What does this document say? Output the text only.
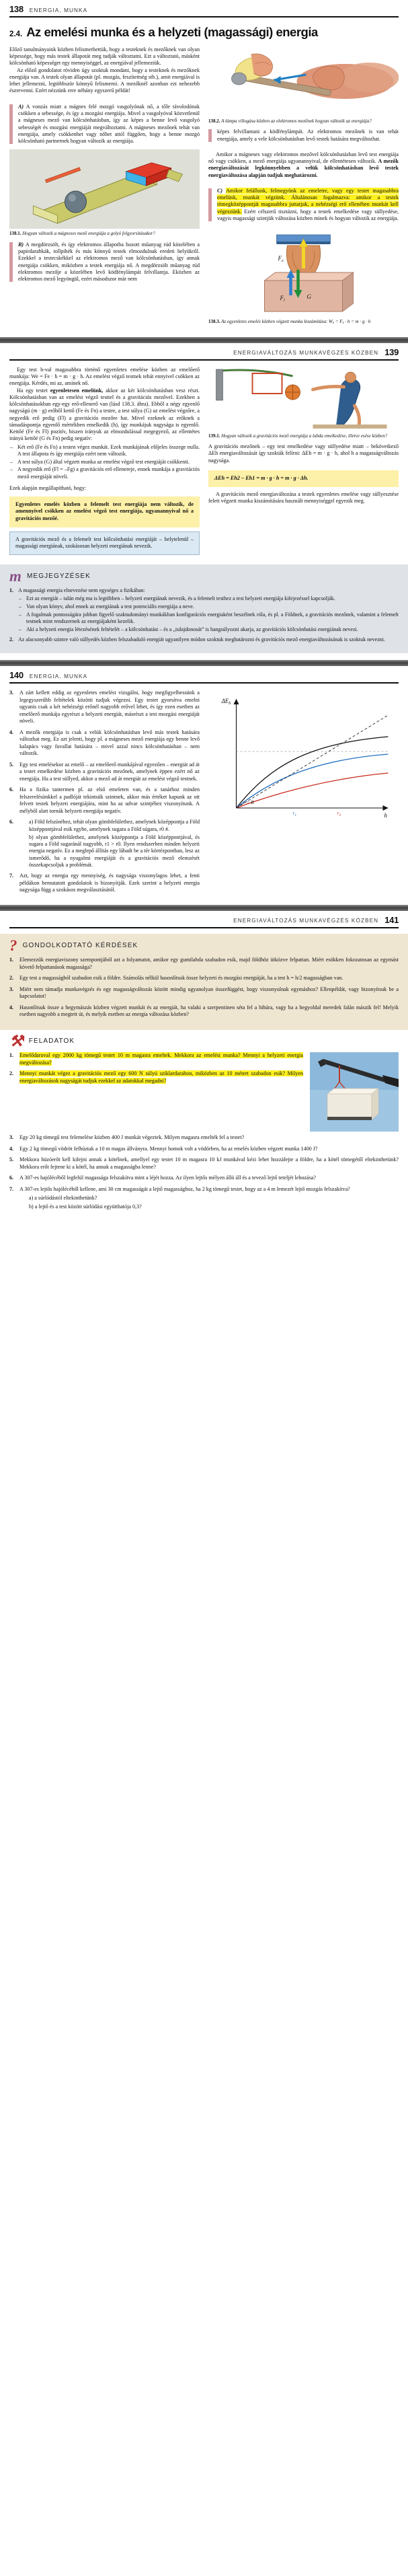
138 ENERGIA, MUNKA
2.4. Az emelési munka és a helyzeti (magassági) energia

Előző tanulmányaink közben felismerhettük, hogy a testeknek és mezőknek van olyan képessége, hogy más testek állapotát meg tudják változtatni. Ezt a változtató, másként kölcsönható képességet egy mennyiséggel, az energiával jellemeztük.

Az előző gondolatot röviden úgy szoktuk mondani, hogy a testeknek és mezőknek energiája van. A testek olyan állapotát (pl. mozgás, feszítettség stb.), amit energiával is lehet jellemezni, legtöbbször könnyű felismerni. A mezőknél azonban ezt nehezebb észrevenni. Ezért nézzünk erre néhány egyszerű példát!

A) A vonzás miatt a mágnes felé mozgó vasgolyónak nő, a tőle távolodónak csökken a sebessége, és így a mozgási energiája. Mivel a vasgolyóval közvetlenül a mágneses mező van kölcsönhatásban, így az képes a benne levő vasgolyó sebességét és mozgási energiáját megváltoztatni. A mágneses mezőnek tehát van energiája, amely csökkenhet vagy nőhet attól függően, hogy a benne mozgó kölcsönható partnernek hogyan változik az energiája.

138.1. Hogyan változik a mágneses mező energiája a golyó felgyorsításakor?

B) A megdörzsölt, és így elektromos állapotba hozott műanyag rúd közelében a papírdarabkák, tollpihék és más könnyű testek elmozdulnak eredeti helyükről. Ezekkel a testecskékkel az elektromos mező van kölcsönhatásban, így annak energiája csökken, miközben a testek energiája nő. A megdörzsölt műanyag rúd elektromos mezője a közelében levő ködfénylámpát felvillantja. Eközben az elektromos mező legyöngül, ezért másodszor már nem

138.2. A lámpa villogása közben az elektromos mezőnek hogyan változik az energiája?

képes felvillantani a ködfénylámpát. Az elektromos mezőnek is van tehát energiája, amely a vele kölcsönhatásban levő testek hatására megváltozhat.

Amikor a mágneses vagy elektromos mezővel kölcsönhatásban levő test energiája nő vagy csökken, a mező energiája ugyanannyival, de ellentétesen változik. A mezők energiaváltozását legkönnyebben a velük kölcsönhatásban levő testek energiaváltozása alapján tudjuk meghatározni.

C) Amikor felállunk, felmegyünk az emeletre, vagy egy testet magasabbra emelünk, munkát végzünk. Általánosan fogalmazva: amikor a testek tömegközéppontját magasabbra juttatjuk, a nehézségi erő ellenében munkát kell végezzünk. Ezért célszerű tisztázni, hogy a testek emelkedése vagy süllyedése, vagyis magassági szintjük változása közben minek és hogyan változik az energiája.

$F_e$
$F_l$
G
138.3. Az egyenletes emelés közben végzett munka kiszámítása: $W_e = F_e \cdot h = m \cdot g \cdot h$
ENERGIAVÁLTOZÁS MUNKAVÉGZÉS KÖZBEN 139

Egy test h-val magasabbra történő egyenletes emelése közben az emelőerő munkája: We = Fe · h = m · g · h. Az emelést végző testnek tehát ennyivel csökken az energiája. Kérdés, mi az, aminek nő.

Ha egy testet egyenletesen emelünk, akkor az két kölcsönhatásban vesz részt. Kölcsönhatásban van az emelést végző testtel és a gravitációs mezővel. Ezekben a kölcsönhatásokban egy-egy erő-ellenerő van (lásd 138.3. ábra). Ebből a négy egyenlő nagyságú (m · g) erőből kettő (Fe és Fn) a testre, a test súlya (G) az emelést végzőre, a negyedik erő pedig (Fl) a gravitációs mezőre hat. Mivel ezeknek az erőknek a támadáspontja egyenlő mértékben emelkedik (h), így munkájuk nagysága is egyenlő. Kettőé (Fe és Fl) pozitív, hiszen irányuk az elmozdulással megegyező, az ellentétes irányú kettőé (G és Fn) pedig negatív:

– Két erő (Fe és Fn) a testen végez munkát. Ezek munkájának előjeles összege nulla. A test állapota és így energiája ezért nem változik.
– A test súlya (G) által végzett munka az emelést végző test energiáját csökkenti.
– A negyedik erő (Fl = –Fg) a gravitációs erő ellenereje, ennek munkája a gravitációs mező energiáját növeli.

Ezek alapján megállapítható, hogy:

Egyenletes emelés közben a felemelt test energiája nem változik, de amennyivel csökken az emelést végző test energiája, ugyanannyival nő a gravitációs mezőé.
A gravitációs mező és a felemelt test kölcsönhatási energiáját – helytelenül – magassági energiának, szokásosan helyzeti energiának nevezik.
139.1. Hogyan változik a gravitációs mező energiája a labda emelkedése, illetve esése közben?

A gravitációs mezőnek – egy test emelkedése vagy süllyedése miatt – bekövetkező ΔEh energiaváltozását így szokták felírni: ΔEh = m · g · h, ahol h a magasságváltozás nagysága.

ΔEh = Eh2 – Eh1 = m · g · h = m · g · Δh.

A gravitációs mező energiaváltozása a testek egyenletes emelése vagy süllyesztése felett végzett munka kiszámítására használt mennyiséggel egyezik meg.

m MEGJEGYZÉSEK
1. A magassági energia elnevezése nem egységes a fizikában:
– Ezt az energiát – talán még ma is legtöbben – helyzeti energiának nevezik, és a felemelt testhez a test helyzeti energiája kifejezéssel kapcsolják.
– Van olyan könyv, ahol ennek az energiának a test potenciális energiája a neve.
– A fogalmak pontosságára jobban figyelő szaktudományi munkákban konfigurációs energiaként beszélnek róla, és pl. a Földnek, a gravitációs mezőnek, valamint a felemelt testnek mint rendszernek az energiájaként kezelik.
– Aki a helyzeti energia létezésének feltételét – a kölcsönhatást – és a „tulajdonosát” is hangsúlyozni akarja, az gravitációs kölcsönhatási energiának nevezi.
2. Az alacsonyabb szintre való süllyedés közben felszabaduló energiát ugyanilyen módon szoktuk meghatározni és gravitációs mező energiaváltozásának is szoktuk nevezni.
140 ENERGIA, MUNKA
3. A zárt kellett eddig az egyenletes emelést vizsgálni, hogy megfigyelhessünk a legegyszerűbb feltételek közötti tudjuk végezni. Egy testet gyorsítva emelni ugyanis csak a két nehézségi erőnél nagyobb erővel lehet, és így ezen esetben az emelőerő munkája egyrészt a helyzeti energiát, másrészt a test mozgási energiáját növeli.
4. A mezők energiája is csak a velük kölcsönhatásban levő más testek hatására változhat meg. Ez azt jelenti, hogy pl. a mágneses mező energiája egy benne levő kalapács vagy fuvallat hatására – mivel azzal nincs kölcsönhatásban – nem változik.
5. Egy test emelésekor az emelő – az emelőerő munkájával egyezően – energiát ad át a testet emelkedése közben a gravitációs mezőnek, amelynek éppen ezért nő az energiája. Ha a test süllyed, akkor a mező ad át energiát az emelést végző testnek.
6. Ha a fizika tantermen pl. az első emeleten van, és a tanárhoz minden felszerelésünkkel a padlóját tekintsük szintnek, akkor más értéket kapunk az ott felvett testek helyzeti energiájára, mint ha az udvar szintjéhez viszonyítunk. A mélyből alatt tornák helyzeti energiája negatív.
6.	a) Föld felszínéhez, tehát olyan gömbfelülethez, amelynek középpontja a Föld középpontjával esik egybe, amelynek sugara a Föld súgara, r0 #.
b) olyan gömbfelülethez, amelynek középpontja a Föld középpontjával, és sugara a Föld sugaránál nagyobb, r1 > r0. Ilyen rendszerben minden helyzeti energia negatív. Ez a meglepő állítás egy lábadt be a tér körtézpontban, lesz az ismerődő, ha a nyugalmi energiáját és a gravitációs mező elemzését összekapcsoljuk a problémát.
7. Azt, hogy az energia egy mennyiség, és nagysága viszonylagos lehet, a fenti példákon bemutatott gondolatok is bizonyítják. Ezek szerint a helyzeti energia nagysága függ a szokásos megválasztásától.
$\Delta E_h$
h
r = R
$r_1$	$r_2$
ENERGIAVÁLTOZÁS MUNKAVÉGZÉS KÖZBEN 141
? GONDOLKODTATÓ KÉRDÉSEK
1. Elemezzük energiaviszony szempontjából azt a folyamatot, amikor egy gumilabda szabadon esik, majd földhöz ütközve felpattan. Miért esökken fokozatosan az egymást követő felpattanások magassága?
2. Egy test a magasságból szabadon esik a földre. Számolás nélkül hasonlítsuk össze helyzeti és mozgási energiáját, ha a test h = h/2 magasságban van.
3. Miért nem támadja munkavégzés és egy magasságváltozás között mindig ugyanolyan összefüggést, hogy viszonyulnak egymáshoz? Ellenpéldát, vagy bizonyítsuk be a kapcsolatot!
4. Hasonlítsuk össze a hegymászás közben végzett munkát és az energiát, ha valaki a szerpentinen séta fel a hibára, vagy ha a hegyoldal meredek falán mászik fel! Melyik esetben nagyobb a megtett út, és melyik esetben az energia változása közben?
⚒ FELADATOK
1. Emelődaruval egy 2000 kg tömegű testet 10 m magasra emeltek. Mekkora az emelési munka? Mennyi a helyzeti energia megváltozása?
2. Mennyi munkát végez a gravitációs mező egy 600 N súlyú sziklardarabon, miközben az 10 métert szabadon esik? Milyen energiaváltozások nagyságát tudjuk ezekkel az adatokkal megadni?
3. Egy 20 kg tömegű test felemelése közben 400 J munkát végeztek. Milyen magasra emelték fel a testet?
4. Egy 2 kg tömegű vödröt felhúztak a 10 m magas állványra. Mennyi homok volt a vödörben, ha az emelés közben végzett munka 1400 J?
5. Mekkora húzóerőt kell kifejni annak a kötélnek, amellyel egy testet 10 m magasra 10 kJ munkával kézi lehet hozzáfejte a földre, ha a kötél tömegétől eltekinthetünk? Mekkora erőt fejtene ki a kötél, ha annak a magasságba lenne?
6. A 307-es hajólécéből legfelül magassága felszakítva mint a léjét hozza. Az ilyen lejtős mélyen álló áll és a tevező lejtő teteljét lehozása?
7. A 307-es lejtős hajólécéből kellene, ami 30 cm magasságát a lejtő magassághoz, ha 2 kg tömegű testet, hogy az a 4 m lemezét lejtő mozgás felszakítva?
a) a súrlódástól eltekinthetünk?
b) a lejtő és a test között súrlódási együtthatója 0,3?
